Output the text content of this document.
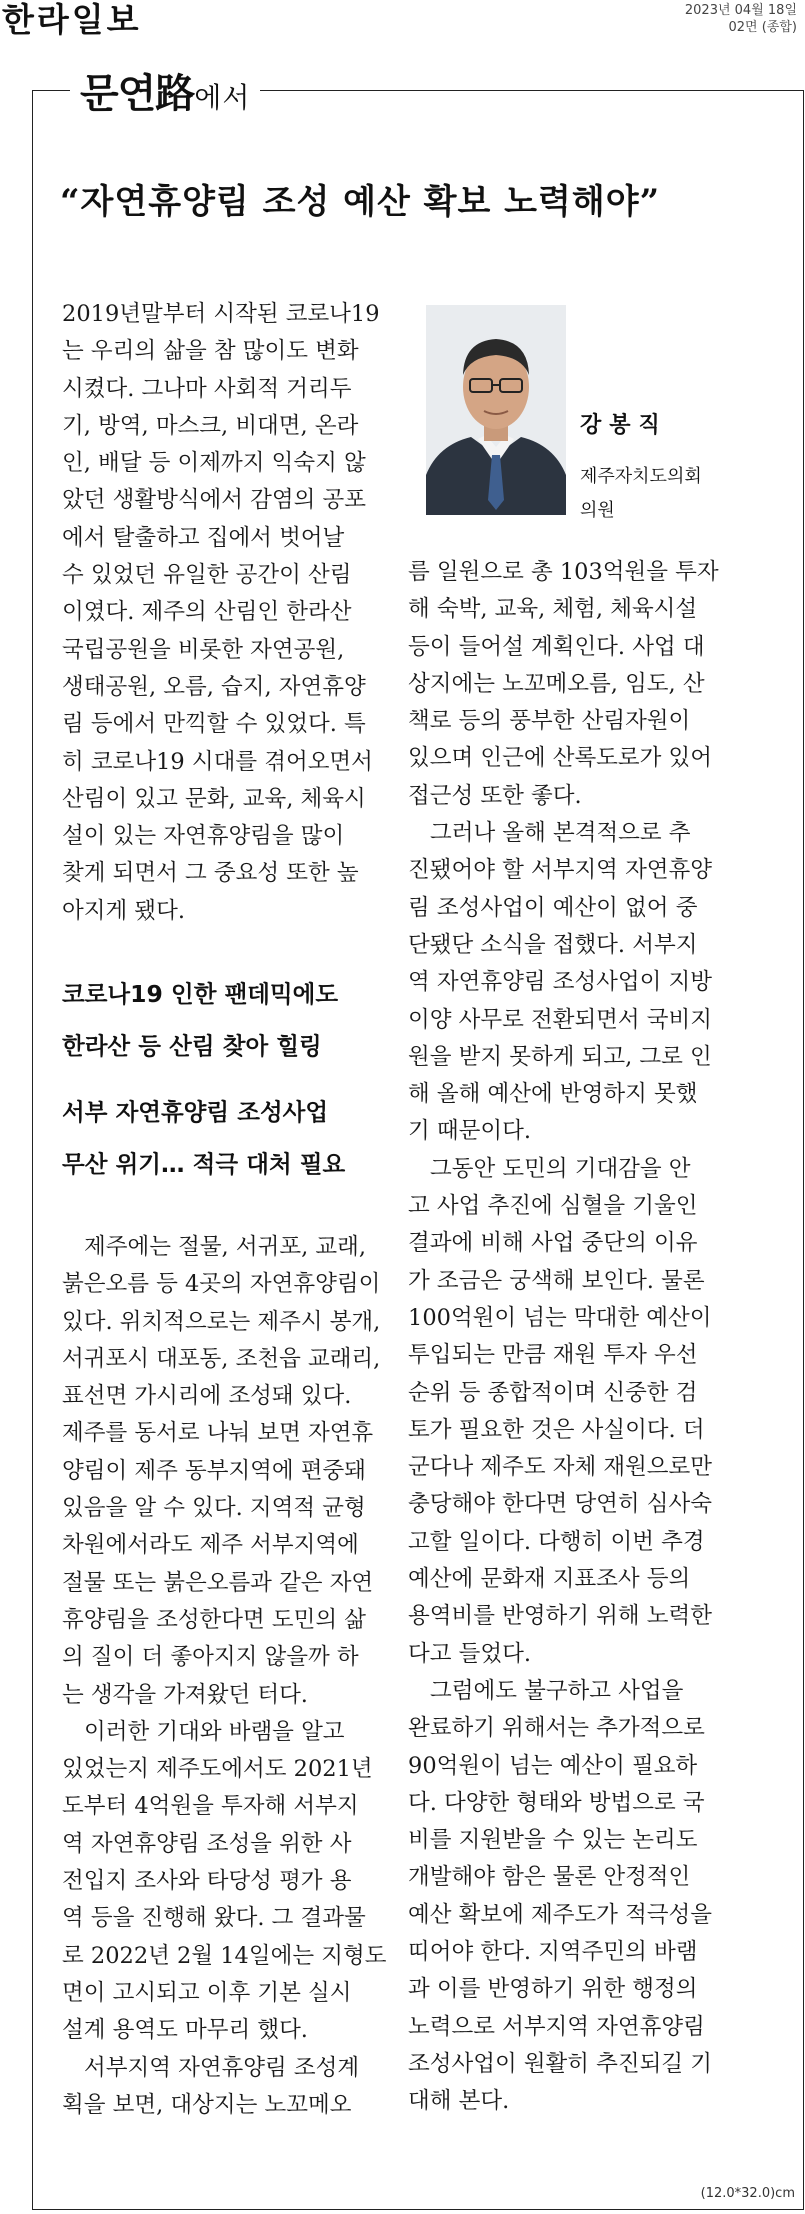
한라일보	2023년 04월 18일
02면 (종합)
문연路에서
“자연휴양림 조성 예산 확보 노력해야”
강봉직
제주자치도의회
의원
2019년말부터 시작된 코로나19
는 우리의 삶을 참 많이도 변화
시켰다. 그나마 사회적 거리두
기, 방역, 마스크, 비대면, 온라
인, 배달 등 이제까지 익숙지 않
았던 생활방식에서 감염의 공포
에서 탈출하고 집에서 벗어날
수 있었던 유일한 공간이 산림
이였다. 제주의 산림인 한라산
국립공원을 비롯한 자연공원,
생태공원, 오름, 습지, 자연휴양
림 등에서 만끽할 수 있었다. 특
히 코로나19 시대를 겪어오면서
산림이 있고 문화, 교육, 체육시
설이 있는 자연휴양림을 많이
찾게 되면서 그 중요성 또한 높
아지게 됐다.
코로나19 인한 팬데믹에도
한라산 등 산림 찾아 힐링
서부 자연휴양림 조성사업
무산 위기… 적극 대처 필요
제주에는 절물, 서귀포, 교래,
붉은오름 등 4곳의 자연휴양림이
있다. 위치적으로는 제주시 봉개,
서귀포시 대포동, 조천읍 교래리,
표선면 가시리에 조성돼 있다.
제주를 동서로 나눠 보면 자연휴
양림이 제주 동부지역에 편중돼
있음을 알 수 있다. 지역적 균형
차원에서라도 제주 서부지역에
절물 또는 붉은오름과 같은 자연
휴양림을 조성한다면 도민의 삶
의 질이 더 좋아지지 않을까 하
는 생각을 가져왔던 터다.
이러한 기대와 바램을 알고
있었는지 제주도에서도 2021년
도부터 4억원을 투자해 서부지
역 자연휴양림 조성을 위한 사
전입지 조사와 타당성 평가 용
역 등을 진행해 왔다. 그 결과물
로 2022년 2월 14일에는 지형도
면이 고시되고 이후 기본 실시
설계 용역도 마무리 했다.
서부지역 자연휴양림 조성계
획을 보면, 대상지는 노꼬메오
름 일원으로 총 103억원을 투자
해 숙박, 교육, 체험, 체육시설
등이 들어설 계획인다. 사업 대
상지에는 노꼬메오름, 임도, 산
책로 등의 풍부한 산림자원이
있으며 인근에 산록도로가 있어
접근성 또한 좋다.
그러나 올해 본격적으로 추
진됐어야 할 서부지역 자연휴양
림 조성사업이 예산이 없어 중
단됐단 소식을 접했다. 서부지
역 자연휴양림 조성사업이 지방
이양 사무로 전환되면서 국비지
원을 받지 못하게 되고, 그로 인
해 올해 예산에 반영하지 못했
기 때문이다.
그동안 도민의 기대감을 안
고 사업 추진에 심혈을 기울인
결과에 비해 사업 중단의 이유
가 조금은 궁색해 보인다. 물론
100억원이 넘는 막대한 예산이
투입되는 만큼 재원 투자 우선
순위 등 종합적이며 신중한 검
토가 필요한 것은 사실이다. 더
군다나 제주도 자체 재원으로만
충당해야 한다면 당연히 심사숙
고할 일이다. 다행히 이번 추경
예산에 문화재 지표조사 등의
용역비를 반영하기 위해 노력한
다고 들었다.
그럼에도 불구하고 사업을
완료하기 위해서는 추가적으로
90억원이 넘는 예산이 필요하
다. 다양한 형태와 방법으로 국
비를 지원받을 수 있는 논리도
개발해야 함은 물론 안정적인
예산 확보에 제주도가 적극성을
띠어야 한다. 지역주민의 바램
과 이를 반영하기 위한 행정의
노력으로 서부지역 자연휴양림
조성사업이 원활히 추진되길 기
대해 본다.
(12.0*32.0)cm
